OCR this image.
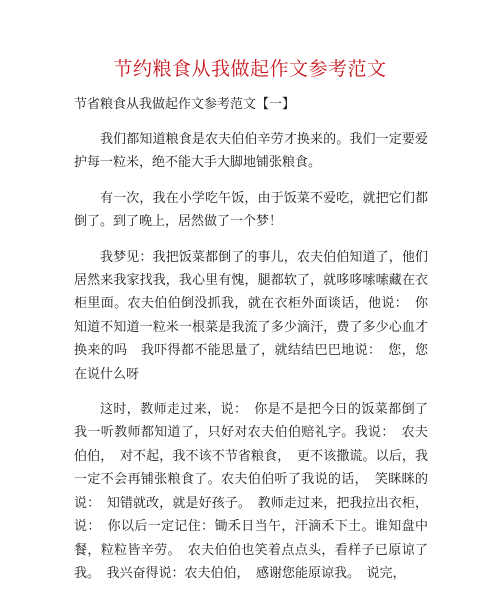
节约粮食从我做起作文参考范文
节省粮食从我做起作文参考范文【一】

我们都知道粮食是农夫伯伯辛劳才换来的。我们一定要爱护每一粒米，绝不能大手大脚地铺张粮食。

有一次，我在小学吃午饭，由于饭菜不爱吃，就把它们都倒了。到了晚上，居然做了一个梦！

我梦见：我把饭菜都倒了的事儿，农夫伯伯知道了，他们居然来我家找我，我心里有愧，腿都软了，就哆哆嗦嗦藏在衣柜里面。农夫伯伯倒没抓我，就在衣柜外面谈话，他说：　你知道不知道一粒米一根菜是我流了多少滴汗，费了多少心血才换来的吗　我吓得都不能思量了，就结结巴巴地说：　您，您在说什么呀

这时，教师走过来，说：　你是不是把今日的饭菜都倒了　我一听教师都知道了，只好对农夫伯伯赔礼字。我说：　农夫伯伯，　对不起，我不该不节省粮食，　更不该撒谎。以后，我一定不会再铺张粮食了。农夫伯伯听了我说的话，　笑眯眯的说：　知错就改，就是好孩子。　教师走过来，把我拉出衣柜，说：　你以后一定记住：锄禾日当午，汗滴禾下土。谁知盘中餐，粒粒皆辛劳。　农夫伯伯也笑着点点头，看样子已原谅了我。　我兴奋得说：农夫伯伯，　感谢您能原谅我。　说完，
